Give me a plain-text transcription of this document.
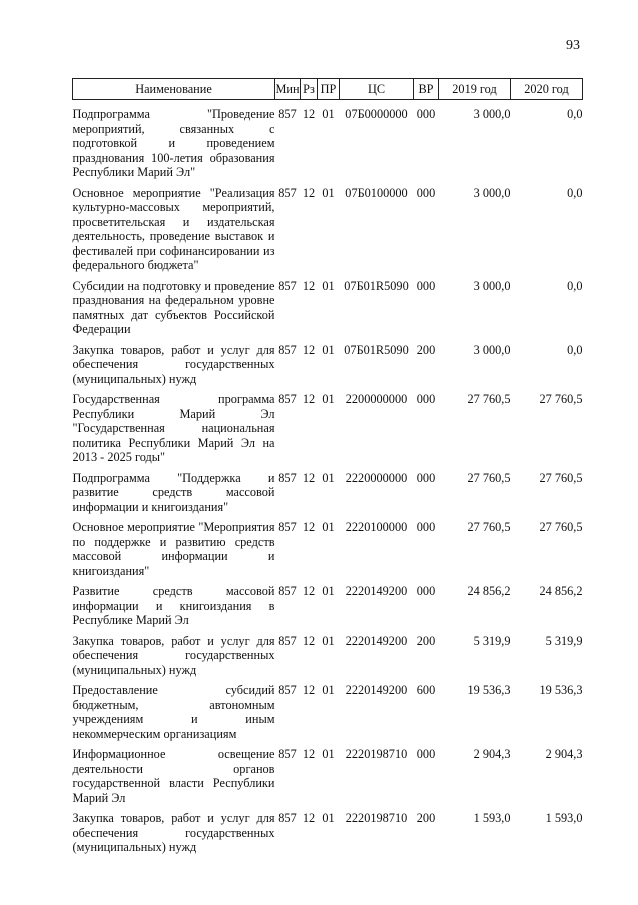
93
Наименование	Мин	Рз	ПР	ЦС	ВР	2019 год	2020 год
Подпрограмма "Проведение мероприятий, связанных с подготовкой и проведением празднования 100-летия образования Республики Марий Эл"	857	12	01	07Б0000000	000	3 000,0	0,0
Основное мероприятие "Реализация культурно-массовых мероприятий, просветительская и издательская деятельность, проведение выставок и фестивалей при софинансировании из федерального бюджета"	857	12	01	07Б0100000	000	3 000,0	0,0
Субсидии на подготовку и проведение празднования на федеральном уровне памятных дат субъектов Российской Федерации	857	12	01	07Б01R5090	000	3 000,0	0,0
Закупка товаров, работ и услуг для обеспечения государственных (муниципальных) нужд	857	12	01	07Б01R5090	200	3 000,0	0,0
Государственная программа Республики Марий Эл "Государственная национальная политика Республики Марий Эл на 2013 - 2025 годы"	857	12	01	2200000000	000	27 760,5	27 760,5
Подпрограмма "Поддержка и развитие средств массовой информации и книгоиздания"	857	12	01	2220000000	000	27 760,5	27 760,5
Основное мероприятие "Мероприятия по поддержке и развитию средств массовой информации и книгоиздания"	857	12	01	2220100000	000	27 760,5	27 760,5
Развитие средств массовой информации и книгоиздания в Республике Марий Эл	857	12	01	2220149200	000	24 856,2	24 856,2
Закупка товаров, работ и услуг для обеспечения государственных (муниципальных) нужд	857	12	01	2220149200	200	5 319,9	5 319,9
Предоставление субсидий бюджетным, автономным учреждениям и иным некоммерческим организациям	857	12	01	2220149200	600	19 536,3	19 536,3
Информационное освещение деятельности органов государственной власти Республики Марий Эл	857	12	01	2220198710	000	2 904,3	2 904,3
Закупка товаров, работ и услуг для обеспечения государственных (муниципальных) нужд	857	12	01	2220198710	200	1 593,0	1 593,0
